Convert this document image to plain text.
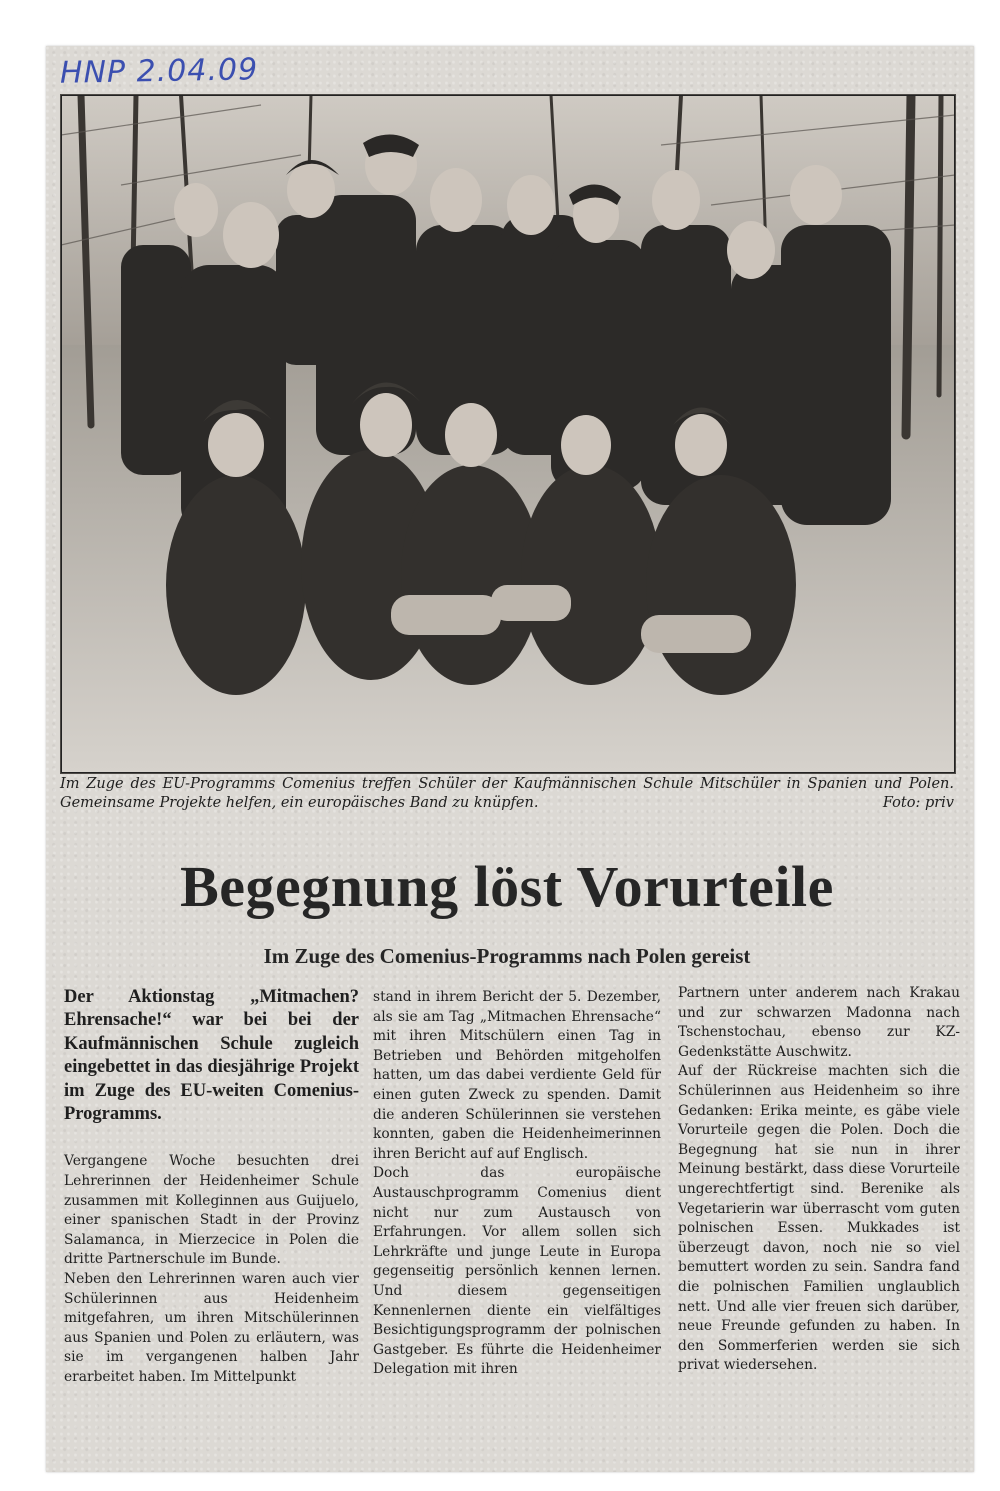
HNP 2.04.09
Im Zuge des EU-Programms Comenius treffen Schüler der Kaufmännischen Schule Mitschüler in Spanien und Polen. Gemeinsame Projekte helfen, ein europäisches Band zu knüpfen.	Foto: priv
Begegnung löst Vorurteile
Im Zuge des Comenius-Programms nach Polen gereist

Der Aktionstag „Mitmachen? Ehrensache!“ war bei bei der Kaufmännischen Schule zugleich eingebettet in das diesjährige Projekt im Zuge des EU-weiten Comenius-Programms.

Vergangene Woche besuchten drei Lehrerinnen der Heidenheimer Schule zusammen mit Kolleginnen aus Guijuelo, einer spanischen Stadt in der Provinz Salamanca, in Mierzecice in Polen die dritte Partnerschule im Bunde.

Neben den Lehrerinnen waren auch vier Schülerinnen aus Heidenheim mitgefahren, um ihren Mitschülerinnen aus Spanien und Polen zu erläutern, was sie im vergangenen halben Jahr erarbeitet haben. Im Mittelpunkt

stand in ihrem Bericht der 5. Dezember, als sie am Tag „Mitmachen Ehrensache“ mit ihren Mitschülern einen Tag in Betrieben und Behörden mitgeholfen hatten, um das dabei verdiente Geld für einen guten Zweck zu spenden. Damit die anderen Schülerinnen sie verstehen konnten, gaben die Heidenheimerinnen ihren Bericht auf auf Englisch.

Doch das europäische Austauschprogramm Comenius dient nicht nur zum Austausch von Erfahrungen. Vor allem sollen sich Lehrkräfte und junge Leute in Europa gegenseitig persönlich kennen lernen. Und diesem gegenseitigen Kennenlernen diente ein vielfältiges Besichtigungsprogramm der polnischen Gastgeber. Es führte die Heidenheimer Delegation mit ihren

Partnern unter anderem nach Krakau und zur schwarzen Madonna nach Tschenstochau, ebenso zur KZ-Gedenkstätte Auschwitz.

Auf der Rückreise machten sich die Schülerinnen aus Heidenheim so ihre Gedanken: Erika meinte, es gäbe viele Vorurteile gegen die Polen. Doch die Begegnung hat sie nun in ihrer Meinung bestärkt, dass diese Vorurteile ungerechtfertigt sind. Berenike als Vegetarierin war überrascht vom guten polnischen Essen. Mukkades ist überzeugt davon, noch nie so viel bemuttert worden zu sein. Sandra fand die polnischen Familien unglaublich nett. Und alle vier freuen sich darüber, neue Freunde gefunden zu haben. In den Sommerferien werden sie sich privat wiedersehen.
